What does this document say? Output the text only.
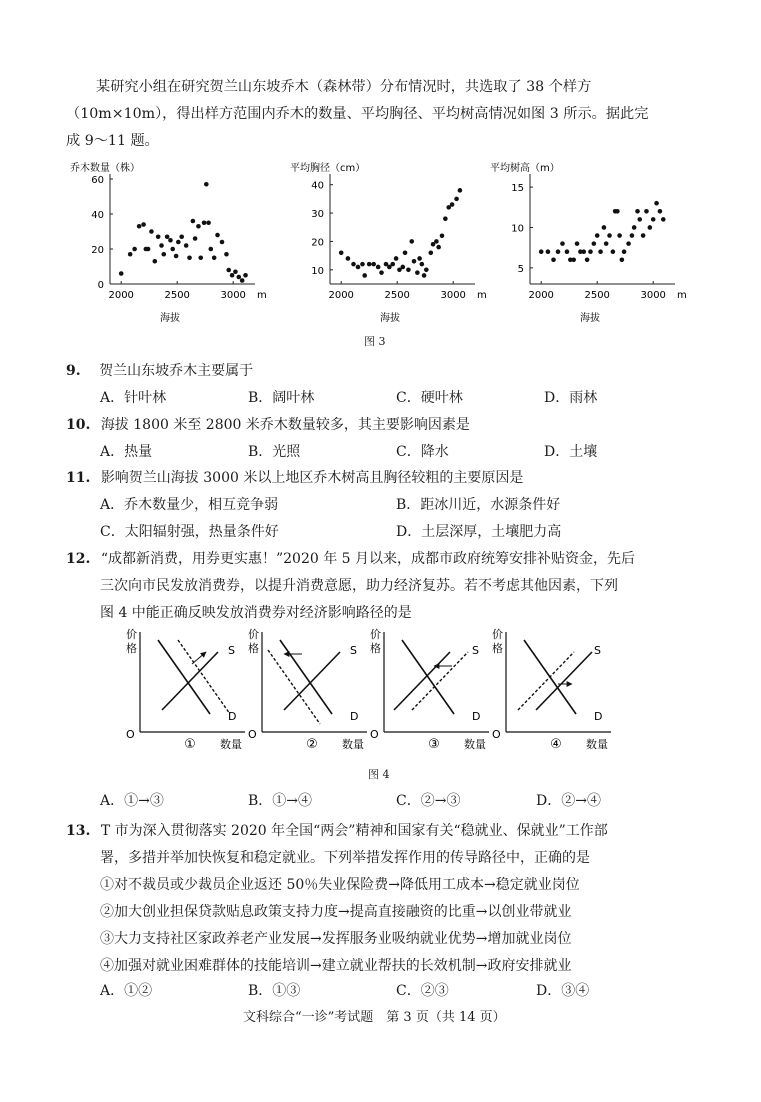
某研究小组在研究贺兰山东坡乔木（森林带）分布情况时，共选取了 38 个样方
（10m×10m），得出样方范围内乔木的数量、平均胸径、平均树高情况如图 3 所示。据此完
成 9～11 题。
乔木数量（株）
60
40
20
0
2000	2500	3000 m
海拔
平均胸径（cm）
40
30
20
10
2000	2500	3000 m
海拔
平均树高（m）
15
10
5
2000	2500	3000 m
海拔
图 3
9. 贺兰山东坡乔木主要属于
A．针叶林	B．阔叶林	C．硬叶林	D．雨林
10. 海拔 1800 米至 2800 米乔木数量较多，其主要影响因素是
A．热量	B．光照	C．降水	D．土壤
11. 影响贺兰山海拔 3000 米以上地区乔木树高且胸径较粗的主要原因是
A．乔木数量少，相互竞争弱	B．距冰川近，水源条件好
C．太阳辐射强，热量条件好	D．土层深厚，土壤肥力高
12. “成都新消费，用券更实惠！”2020 年 5 月以来，成都市政府统筹安排补贴资金，先后
三次向市民发放消费券，以提升消费意愿，助力经济复苏。若不考虑其他因素，下列
图 4 中能正确反映发放消费券对经济影响路径的是
价
格
O
数量
①
S
D
价
格
O
数量
②
S
D
价
格
O
数量
③
S
D
价
格
O
数量
④
S
D
图 4
A．①→③	B．①→④	C．②→③	D．②→④
13. T 市为深入贯彻落实 2020 年全国“两会”精神和国家有关“稳就业、保就业”工作部
署，多措并举加快恢复和稳定就业。下列举措发挥作用的传导路径中，正确的是
①对不裁员或少裁员企业返还 50％失业保险费→降低用工成本→稳定就业岗位
②加大创业担保贷款贴息政策支持力度→提高直接融资的比重→以创业带就业
③大力支持社区家政养老产业发展→发挥服务业吸纳就业优势→增加就业岗位
④加强对就业困难群体的技能培训→建立就业帮扶的长效机制→政府安排就业
A．①②	B．①③	C．②③	D．③④
文科综合“一诊”考试题　第 3 页（共 14 页）
